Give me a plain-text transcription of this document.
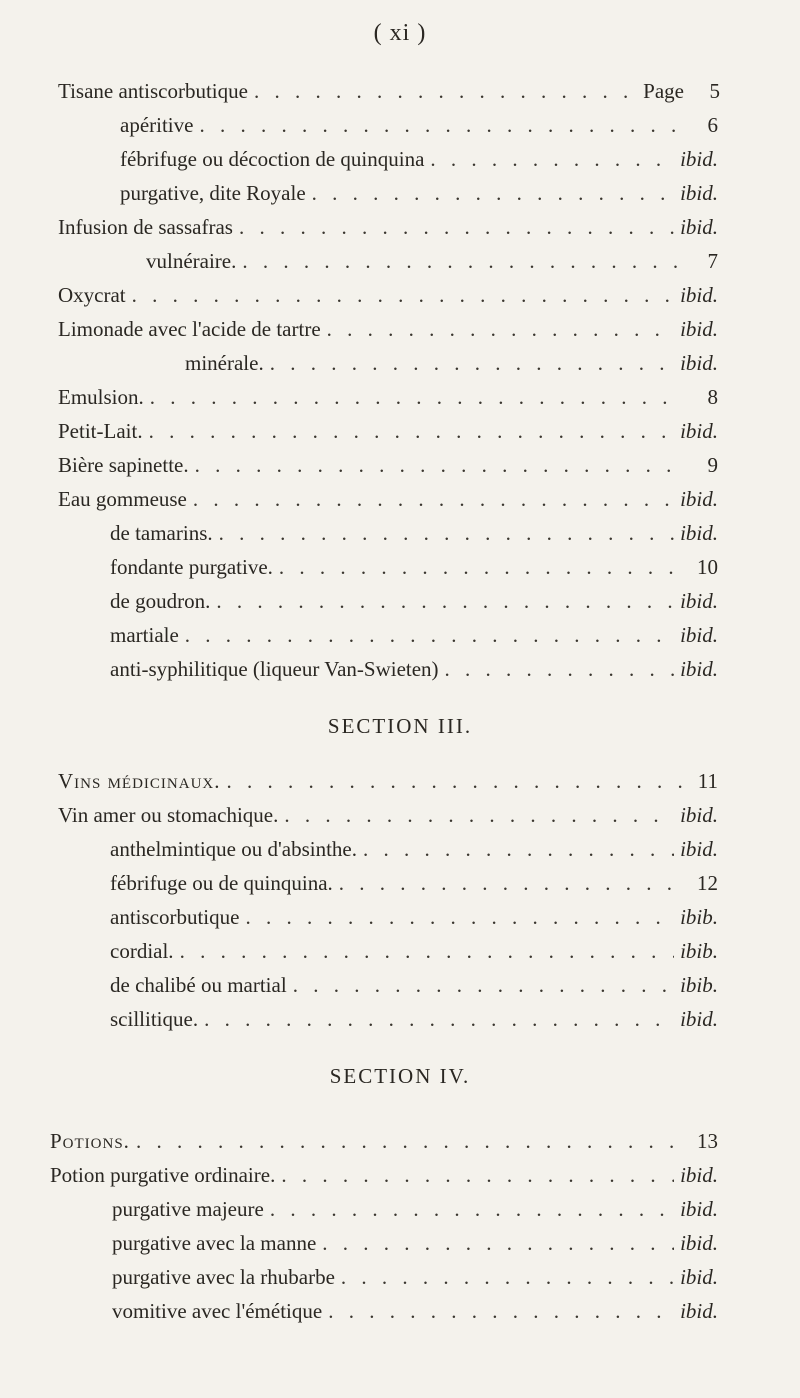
( xi )
Tisane antiscorbutique . . .	Page	5
apéritive . . .	6
fébrifuge ou décoction de quinquina . . .	ibid.
purgative, dite Royale . . .	ibid.
Infusion de sassafras . . .	ibid.
vulnéraire. . . .	7
Oxycrat . . .	ibid.
Limonade avec l'acide de tartre . . .	ibid.
minérale. . . .	ibid.
Emulsion. . . .	8
Petit-Lait. . . .	ibid.
Bière sapinette. . . .	9
Eau gommeuse . . .	ibid.
de tamarins. . . .	ibid.
fondante purgative. . . .	10
de goudron. . . .	ibid.
martiale . . .	ibid.
anti-syphilitique (liqueur Van-Swieten) . . .	ibid.
SECTION III.
Vins médicinaux. . . .	11
Vin amer ou stomachique. . . .	ibid.
anthelmintique ou d'absinthe. . . .	ibid.
fébrifuge ou de quinquina. . . .	12
antiscorbutique . . .	ibib.
cordial. . . .	ibib.
de chalibé ou martial . . .	ibib.
scillitique. . . .	ibid.
SECTION IV.
Potions. . . .	13
Potion purgative ordinaire. . . .	ibid.
purgative majeure . . .	ibid.
purgative avec la manne . . .	ibid.
purgative avec la rhubarbe . . .	ibid.
vomitive avec l'émétique . . .	ibid.
